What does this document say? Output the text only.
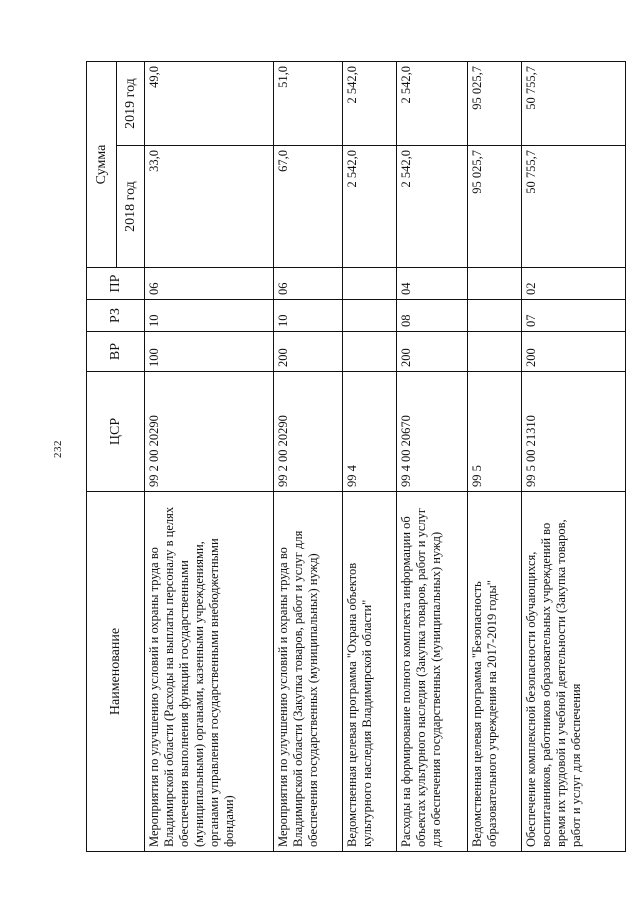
232
Наименование	ЦСР	ВР	РЗ	ПР	Сумма	
					2018 год	2019 год
Мероприятия по улучшению условий и охраны труда во Владимирской области (Расходы на выплаты персоналу в целях обеспечения выполнения функций государственными (муниципальными) органами, казенными учреждениями, органами управления государственными внебюджетными фондами)	99 2 00 20290	100	10	06	33,0	49,0
Мероприятия по улучшению условий и охраны труда во Владимирской области (Закупка товаров, работ и услуг для обеспечения государственных (муниципальных) нужд)	99 2 00 20290	200	10	06	67,0	51,0
Ведомственная целевая программа "Охрана объектов культурного наследия Владимирской области"	99 4				2 542,0	2 542,0
Расходы на формирование полного комплекта информации об объектах культурного наследия (Закупка товаров, работ и услуг для обеспечения государственных (муниципальных) нужд)	99 4 00 20670	200	08	04	2 542,0	2 542,0
Ведомственная целевая программа "Безопасность образовательного учреждения на 2017-2019 годы"	99 5				95 025,7	95 025,7
Обеспечение комплексной безопасности обучающихся, воспитанников, работников образовательных учреждений во время их трудовой и учебной деятельности (Закупка товаров, работ и услуг для обеспечения	99 5 00 21310	200	07	02	50 755,7	50 755,7
